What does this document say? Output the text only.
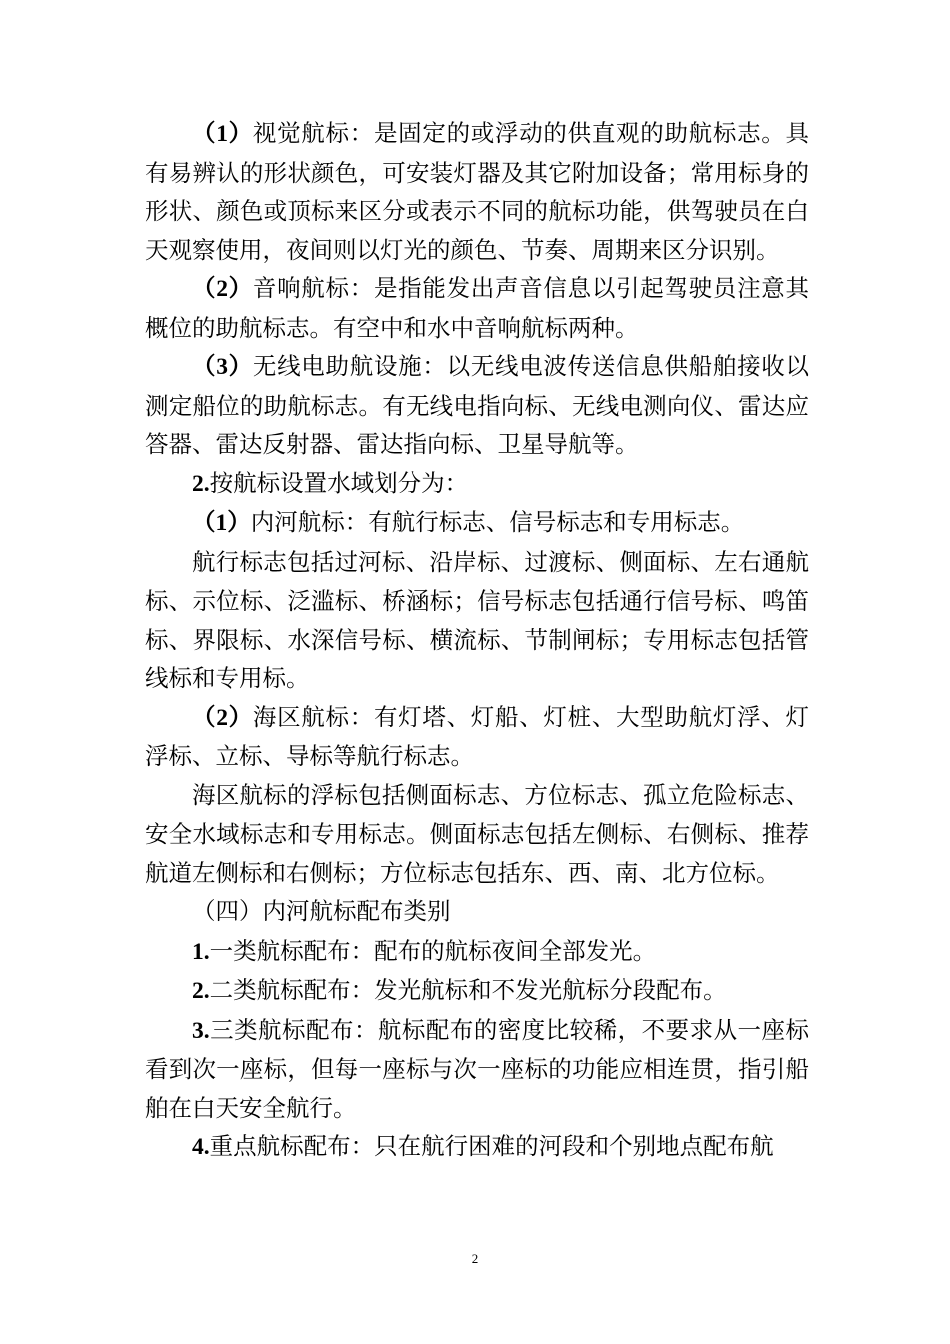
（1）视觉航标：是固定的或浮动的供直观的助航标志。具有易辨认的形状颜色，可安装灯器及其它附加设备；常用标身的形状、颜色或顶标来区分或表示不同的航标功能，供驾驶员在白天观察使用，夜间则以灯光的颜色、节奏、周期来区分识别。

（2）音响航标：是指能发出声音信息以引起驾驶员注意其概位的助航标志。有空中和水中音响航标两种。

（3）无线电助航设施：以无线电波传送信息供船舶接收以测定船位的助航标志。有无线电指向标、无线电测向仪、雷达应答器、雷达反射器、雷达指向标、卫星导航等。

2.按航标设置水域划分为：

（1）内河航标：有航行标志、信号标志和专用标志。

航行标志包括过河标、沿岸标、过渡标、侧面标、左右通航标、示位标、泛滥标、桥涵标；信号标志包括通行信号标、鸣笛标、界限标、水深信号标、横流标、节制闸标；专用标志包括管线标和专用标。

（2）海区航标：有灯塔、灯船、灯桩、大型助航灯浮、灯浮标、立标、导标等航行标志。

海区航标的浮标包括侧面标志、方位标志、孤立危险标志、安全水域标志和专用标志。侧面标志包括左侧标、右侧标、推荐航道左侧标和右侧标；方位标志包括东、西、南、北方位标。

（四）内河航标配布类别

1.一类航标配布：配布的航标夜间全部发光。

2.二类航标配布：发光航标和不发光航标分段配布。

3.三类航标配布：航标配布的密度比较稀，不要求从一座标看到次一座标，但每一座标与次一座标的功能应相连贯，指引船舶在白天安全航行。

4.重点航标配布：只在航行困难的河段和个别地点配布航

2
